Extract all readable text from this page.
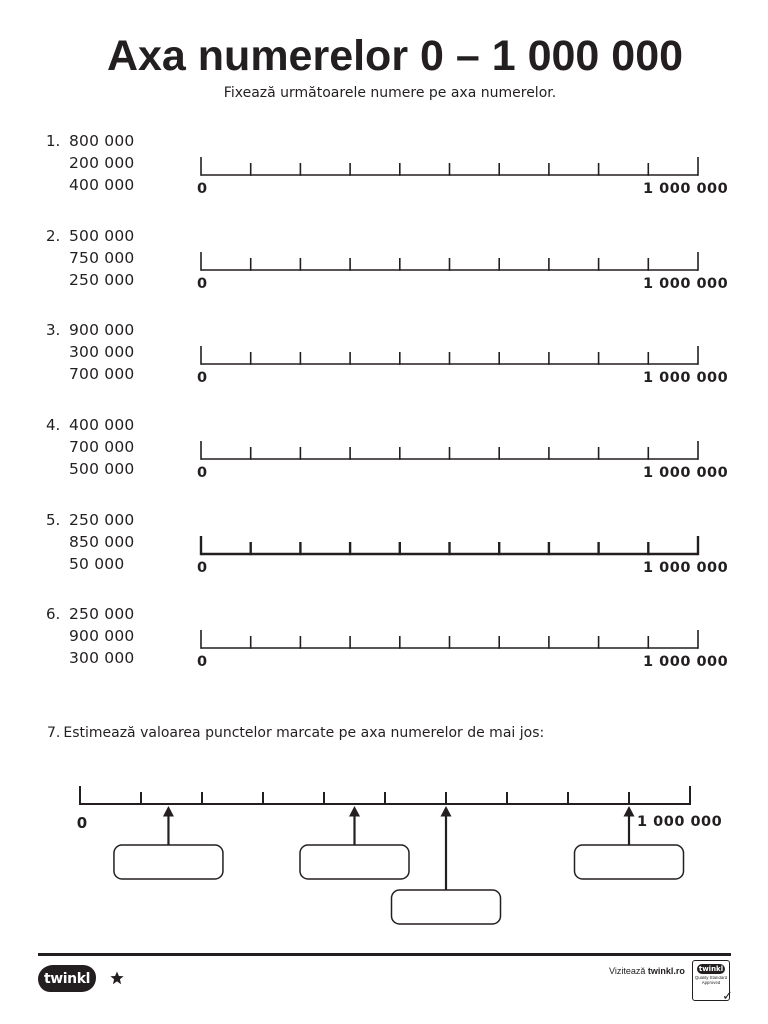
Axa numerelor 0 – 1 000 000

Fixează următoarele numere pe axa numerelor.

1. 800 000
200 000
400 000	0	1 000 000
2. 500 000
750 000
250 000	0	1 000 000
3. 900 000
300 000
700 000	0	1 000 000
4. 400 000
700 000
500 000	0	1 000 000
5. 250 000
850 000
50 000	0	1 000 000
6. 250 000
900 000
300 000	0	1 000 000

7. Estimează valoarea punctelor marcate pe axa numerelor de mai jos:

0	1 000 000
twinkl	Vizitează twinkl.ro twinkl
Quality Standard
Approved
✓
